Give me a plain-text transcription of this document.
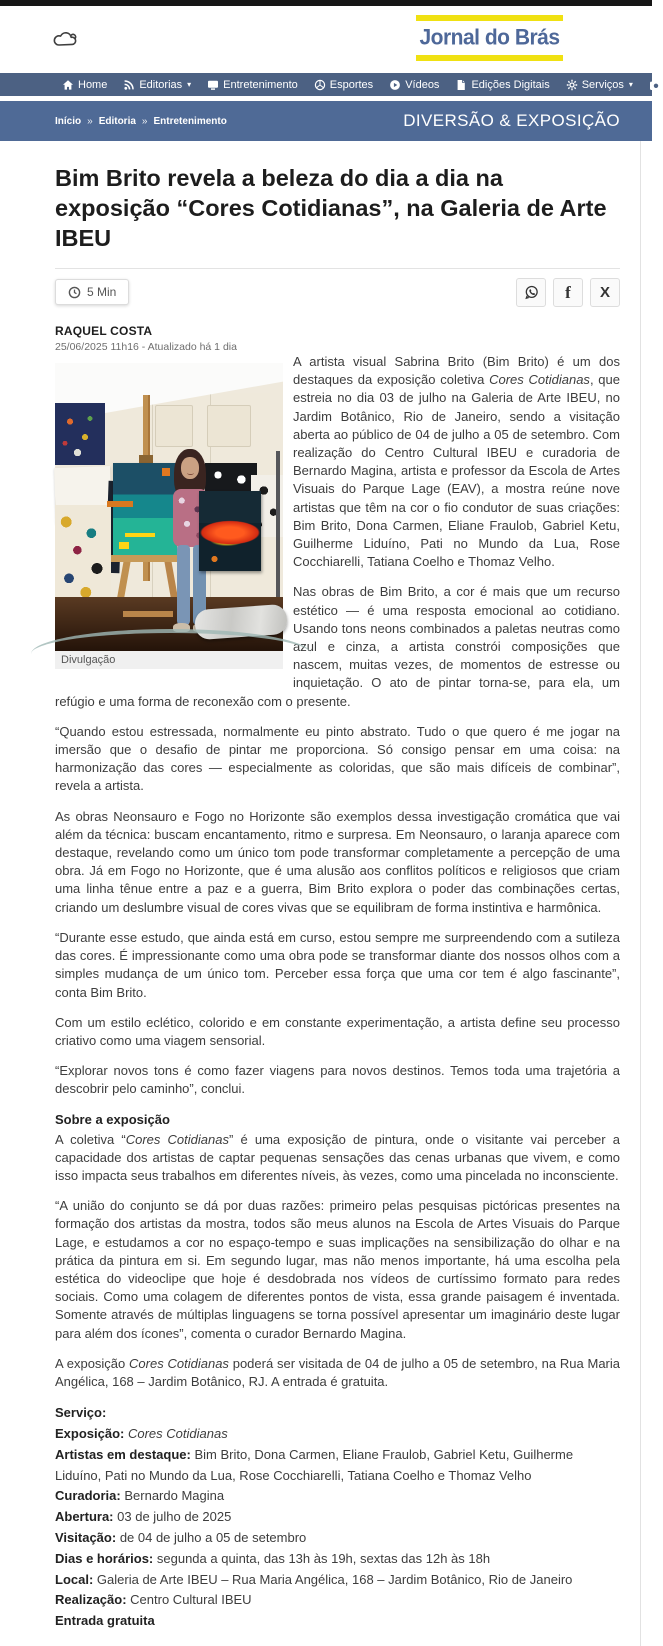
Jornal do Brás
Home	Editorias ▾	Entretenimento	Esportes	Vídeos	Edições Digitais	Serviços ▾
Início » Editoria » Entretenimento	DIVERSÃO & EXPOSIÇÃO
Bim Brito revela a beleza do dia a dia na exposição “Cores Cotidianas”, na Galeria de Arte IBEU
5 Min	f X
RAQUEL COSTA
25/06/2025 11h16 - Atualizado há 1 dia
Divulgação

A artista visual Sabrina Brito (Bim Brito) é um dos destaques da exposição coletiva Cores Cotidianas, que estreia no dia 03 de julho na Galeria de Arte IBEU, no Jardim Botânico, Rio de Janeiro, sendo a visitação aberta ao público de 04 de julho a 05 de setembro. Com realização do Centro Cultural IBEU e curadoria de Bernardo Magina, artista e professor da Escola de Artes Visuais do Parque Lage (EAV), a mostra reúne nove artistas que têm na cor o fio condutor de suas criações: Bim Brito, Dona Carmen, Eliane Fraulob, Gabriel Ketu, Guilherme Liduíno, Pati no Mundo da Lua, Rose Cocchiarelli, Tatiana Coelho e Thomaz Velho.

Nas obras de Bim Brito, a cor é mais que um recurso estético — é uma resposta emocional ao cotidiano. Usando tons neons combinados a paletas neutras como azul e cinza, a artista constrói composições que nascem, muitas vezes, de momentos de estresse ou inquietação. O ato de pintar torna-se, para ela, um refúgio e uma forma de reconexão com o presente.

“Quando estou estressada, normalmente eu pinto abstrato. Tudo o que quero é me jogar na imersão que o desafio de pintar me proporciona. Só consigo pensar em uma coisa: na harmonização das cores — especialmente as coloridas, que são mais difíceis de combinar”, revela a artista.

As obras Neonsauro e Fogo no Horizonte são exemplos dessa investigação cromática que vai além da técnica: buscam encantamento, ritmo e surpresa. Em Neonsauro, o laranja aparece com destaque, revelando como um único tom pode transformar completamente a percepção de uma obra. Já em Fogo no Horizonte, que é uma alusão aos conflitos políticos e religiosos que criam uma linha tênue entre a paz e a guerra, Bim Brito explora o poder das combinações certas, criando um deslumbre visual de cores vivas que se equilibram de forma instintiva e harmônica.

“Durante esse estudo, que ainda está em curso, estou sempre me surpreendendo com a sutileza das cores. É impressionante como uma obra pode se transformar diante dos nossos olhos com a simples mudança de um único tom. Perceber essa força que uma cor tem é algo fascinante”, conta Bim Brito.

Com um estilo eclético, colorido e em constante experimentação, a artista define seu processo criativo como uma viagem sensorial.

“Explorar novos tons é como fazer viagens para novos destinos. Temos toda uma trajetória a descobrir pelo caminho”, conclui.

Sobre a exposição

A coletiva “Cores Cotidianas” é uma exposição de pintura, onde o visitante vai perceber a capacidade dos artistas de captar pequenas sensações das cenas urbanas que vivem, e como isso impacta seus trabalhos em diferentes níveis, às vezes, como uma pincelada no inconsciente.

“A união do conjunto se dá por duas razões: primeiro pelas pesquisas pictóricas presentes na formação dos artistas da mostra, todos são meus alunos na Escola de Artes Visuais do Parque Lage, e estudamos a cor no espaço-tempo e suas implicações na sensibilização do olhar e na prática da pintura em si. Em segundo lugar, mas não menos importante, há uma escolha pela estética do videoclipe que hoje é desdobrada nos vídeos de curtíssimo formato para redes sociais. Como uma colagem de diferentes pontos de vista, essa grande paisagem é inventada. Somente através de múltiplas linguagens se torna possível apresentar um imaginário deste lugar para além dos ícones”, comenta o curador Bernardo Magina.

A exposição Cores Cotidianas poderá ser visitada de 04 de julho a 05 de setembro, na Rua Maria Angélica, 168 – Jardim Botânico, RJ. A entrada é gratuita.

Serviço:
Exposição: Cores Cotidianas
Artistas em destaque: Bim Brito, Dona Carmen, Eliane Fraulob, Gabriel Ketu, Guilherme Liduíno, Pati no Mundo da Lua, Rose Cocchiarelli, Tatiana Coelho e Thomaz Velho
Curadoria: Bernardo Magina
Abertura: 03 de julho de 2025
Visitação: de 04 de julho a 05 de setembro
Dias e horários: segunda a quinta, das 13h às 19h, sextas das 12h às 18h
Local: Galeria de Arte IBEU – Rua Maria Angélica, 168 – Jardim Botânico, Rio de Janeiro
Realização: Centro Cultural IBEU
Entrada gratuita
